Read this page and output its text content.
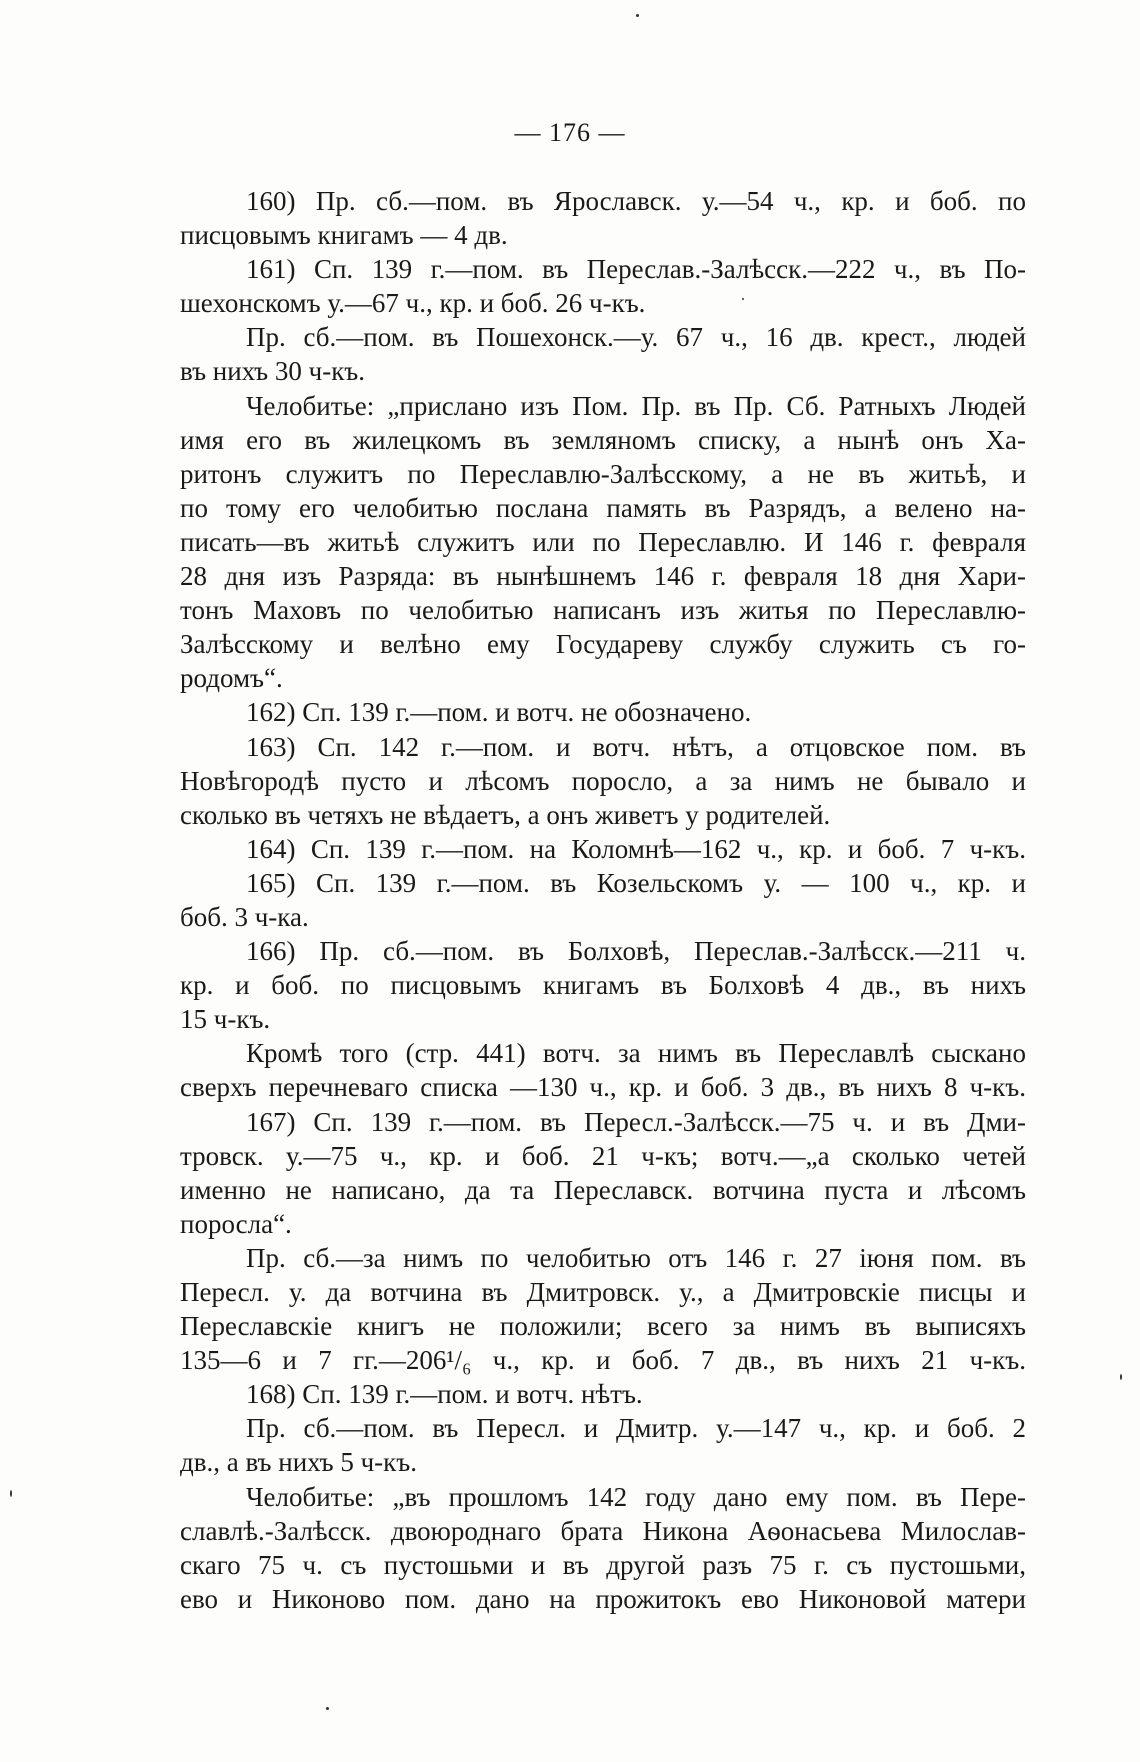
— 176 —
160) Пр. сб.—пом. въ Ярославск. у.—54 ч., кр. и боб. по
писцовымъ книгамъ — 4 дв.
161) Сп. 139 г.—пом. въ Переслав.-Залѣсск.—222 ч., въ По-
шехонскомъ у.—67 ч., кр. и боб. 26 ч-къ.
Пр. сб.—пом. въ Пошехонск.—у. 67 ч., 16 дв. крест., людей
въ нихъ 30 ч-къ.
Челобитье: „прислано изъ Пом. Пр. въ Пр. Сб. Ратныхъ Людей
имя его въ жилецкомъ въ земляномъ списку, а нынѣ онъ Ха-
ритонъ служитъ по Переславлю-Залѣсскому, а не въ житьѣ, и
по тому его челобитью послана память въ Разрядъ, а велено на-
писать—въ житьѣ служитъ или по Переславлю. И 146 г. февраля
28 дня изъ Разряда: въ нынѣшнемъ 146 г. февраля 18 дня Хари-
тонъ Маховъ по челобитью написанъ изъ житья по Переславлю-
Залѣсскому и велѣно ему Государеву службу служить съ го-
родомъ“.
162) Сп. 139 г.—пом. и вотч. не обозначено.
163) Сп. 142 г.—пом. и вотч. нѣтъ, а отцовское пом. въ
Новѣгородѣ пусто и лѣсомъ поросло, а за нимъ не бывало и
сколько въ четяхъ не вѣдаетъ, а онъ живетъ у родителей.
164) Сп. 139 г.—пом. на Коломнѣ—162 ч., кр. и боб. 7 ч-къ.
165) Сп. 139 г.—пом. въ Козельскомъ у. — 100 ч., кр. и
боб. 3 ч-ка.
166) Пр. сб.—пом. въ Болховѣ, Переслав.-Залѣсск.—211 ч.
кр. и боб. по писцовымъ книгамъ въ Болховѣ 4 дв., въ нихъ
15 ч-къ.
Кромѣ того (стр. 441) вотч. за нимъ въ Переславлѣ сыскано
сверхъ перечневаго списка —130 ч., кр. и боб. 3 дв., въ нихъ 8 ч-къ.
167) Сп. 139 г.—пом. въ Пересл.-Залѣсск.—75 ч. и въ Дми-
тровск. у.—75 ч., кр. и боб. 21 ч-къ; вотч.—„а сколько четей
именно не написано, да та Переславск. вотчина пуста и лѣсомъ
поросла“.
Пр. сб.—за нимъ по челобитью отъ 146 г. 27 іюня пом. въ
Пересл. у. да вотчина въ Дмитровск. у., а Дмитровскіе писцы и
Переславскіе книгъ не положили; всего за нимъ въ выписяхъ
135—6 и 7 гг.—206¹/₆ ч., кр. и боб. 7 дв., въ нихъ 21 ч-къ.
168) Сп. 139 г.—пом. и вотч. нѣтъ.
Пр. сб.—пом. въ Пересл. и Дмитр. у.—147 ч., кр. и боб. 2
дв., а въ нихъ 5 ч-къ.
Челобитье: „въ прошломъ 142 году дано ему пом. въ Пере-
славлѣ.-Залѣсск. двоюроднаго брата Никона Аѳонасьева Милослав-
скаго 75 ч. съ пустошьми и въ другой разъ 75 г. съ пустошьми,
ево и Никоново пом. дано на прожитокъ ево Никоновой матери
